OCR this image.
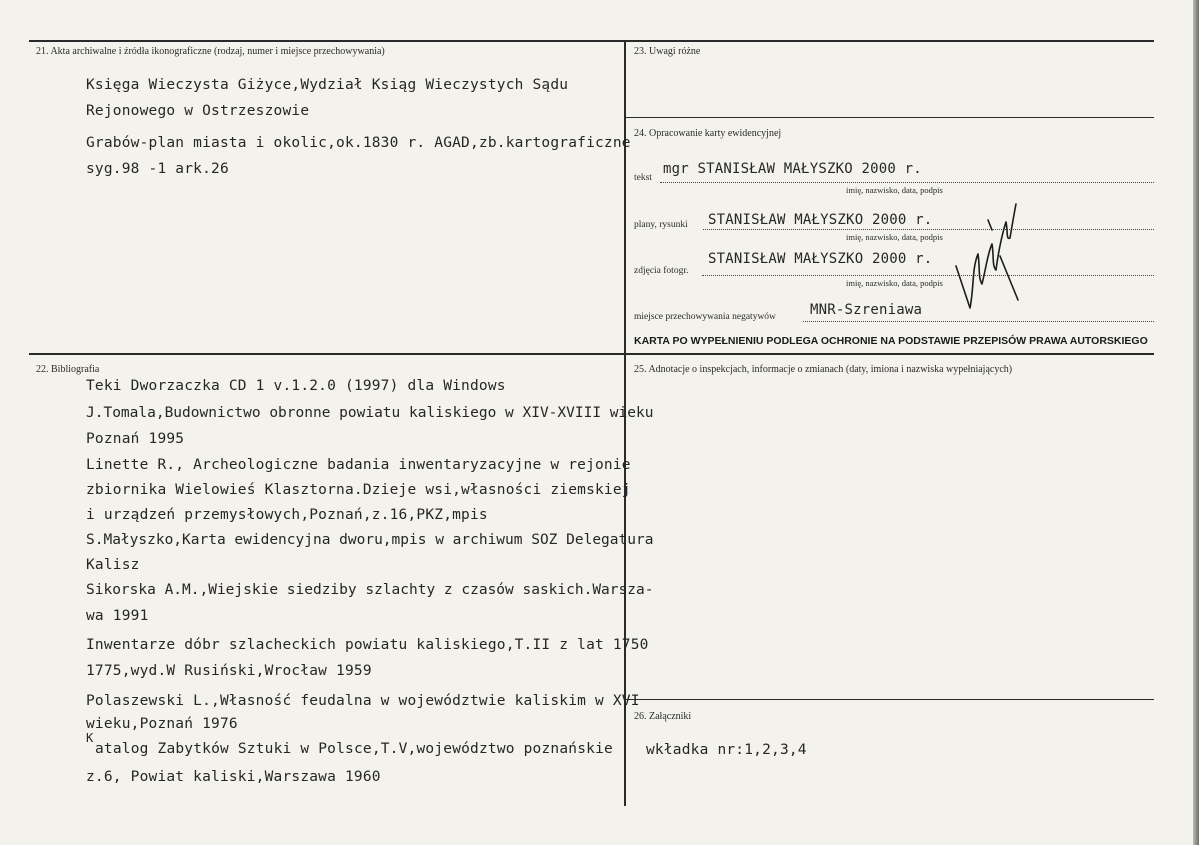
21. Akta archiwalne i źródła ikonograficzne (rodzaj, numer i miejsce przechowywania)
Księga Wieczysta Giżyce,Wydział Ksiąg Wieczystych Sądu
Rejonowego w Ostrzeszowie
Grabów-plan miasta i okolic,ok.1830 r. AGAD,zb.kartograficzne
syg.98 -1 ark.26
23. Uwagi różne
24. Opracowanie karty ewidencyjnej
tekst
mgr STANISŁAW MAŁYSZKO 2000 r.
imię, nazwisko, data, podpis
plany, rysunki STANISŁAW MAŁYSZKO 2000 r.
imię, nazwisko, data, podpis
zdjęcia fotogr.
STANISŁAW MAŁYSZKO 2000 r.
imię, nazwisko, data, podpis
miejsce przechowywania negatywów MNR-Szreniawa
KARTA PO WYPEŁNIENIU PODLEGA OCHRONIE NA PODSTAWIE PRZEPISÓW PRAWA AUTORSKIEGO
22. Bibliografia
Teki Dworzaczka CD 1 v.1.2.0 (1997) dla Windows
J.Tomala,Budownictwo obronne powiatu kaliskiego w XIV-XVIII wieku
Poznań 1995
Linette R., Archeologiczne badania inwentaryzacyjne w rejonie
zbiornika Wielowieś Klasztorna.Dzieje wsi,własności ziemskiej
i urządzeń przemysłowych,Poznań,z.16,PKZ,mpis
S.Małyszko,Karta ewidencyjna dworu,mpis w archiwum SOZ Delegatura
Kalisz
Sikorska A.M.,Wiejskie siedziby szlachty z czasów saskich.Warsza-
wa 1991
Inwentarze dóbr szlacheckich powiatu kaliskiego,T.II z lat 1750
1775,wyd.W Rusiński,Wrocław 1959
Polaszewski L.,Własność feudalna w województwie kaliskim w XVI
wieku,Poznań 1976
K
atalog Zabytków Sztuki w Polsce,T.V,województwo poznańskie
z.6, Powiat kaliski,Warszawa 1960
25. Adnotacje o inspekcjach, informacje o zmianach (daty, imiona i nazwiska wypełniających)
26. Załączniki
wkładka nr:1,2,3,4
